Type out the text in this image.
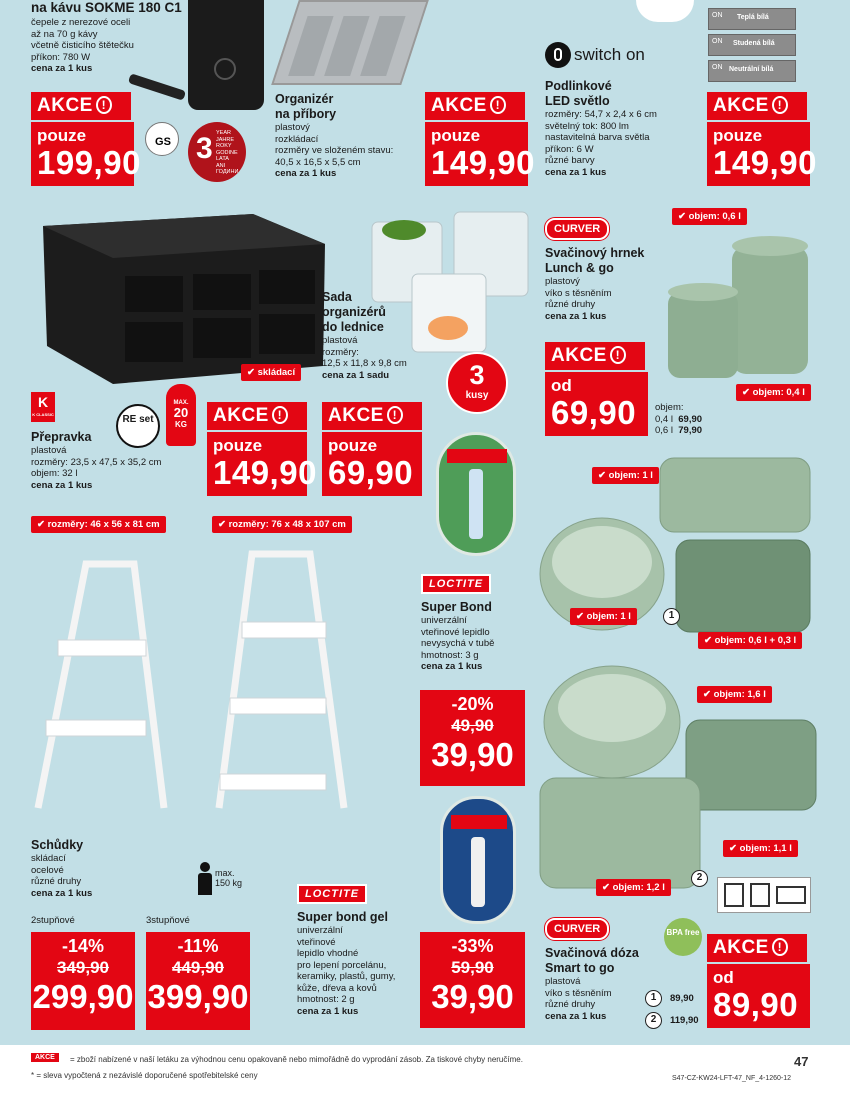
na kávu SOKME 180 C1
čepele z nerezové oceli
až na 70 g kávy
včetně čisticího štětečku
příkon: 780 W
cena za 1 kus
AKCE !
pouze
199,90
GS 3 YEAR
JAHRE
ROKY
GODINE
LATA
ANI
ГОДИНИ
Organizér
na příbory
plastový
rozkládací
rozměry ve složeném stavu:
40,5 x 16,5 x 5,5 cm
cena za 1 kus
AKCE !
pouze
149,90
Teplá bílá
ON
Studená bílá
ON
Neutrální bílá
ON
switch on
Podlinkové
LED světlo
rozměry: 54,7 x 2,4 x 6 cm
světelný tok: 800 lm
nastavitelná barva světla
příkon: 6 W
různé barvy
cena za 1 kus
AKCE !
pouze
149,90
✔ skládací
K
K CLASSIC	RE set
MAX.
20
KG
Přepravka
plastová
rozměry: 23,5 x 47,5 x 35,2 cm
objem: 32 l
cena za 1 kus
AKCE !
pouze
149,90
Sada
organizérů
do lednice
plastová
rozměry:
12,5 x 11,8 x 9,8 cm
cena za 1 sadu	3
kusy
AKCE !
pouze
69,90
CURVER
✔ objem: 0,6 l
Svačinový hrnek
Lunch & go
plastový
víko s těsněním
různé druhy
cena za 1 kus
✔ objem: 0,4 l
AKCE !
od
69,90	objem:
0,4 l 69,90
0,6 l 79,90
✔ rozměry: 46 x 56 x 81 cm
✔	rozměry: 76 x 48 x 107 cm
Schůdky
skládací
ocelové
různé druhy
cena za 1 kus
max.
150 kg
2stupňové	3stupňové
-14%
349,90
299,90
-11%
449,90
399,90
LOCTITE
Super Bond
univerzální
vteřinové lepidlo
nevysychá v tubě
hmotnost: 3 g
cena za 1 kus
-20%
49,90
39,90
LOCTITE
Super bond gel
univerzální
vteřinové
lepidlo vhodné
pro lepení porcelánu,
keramiky, plastů, gumy,
kůže, dřeva a kovů
hmotnost: 2 g
cena za 1 kus
-33%
59,90
39,90
✔ objem: 1 l
✔ objem: 1 l	1
✔ objem: 0,6 l + 0,3 l
✔ objem: 1,6 l
✔ objem: 1,1 l
✔ objem: 1,2 l
2
CURVER	BPA free
Svačinová dóza
Smart to go
plastová
víko s těsněním
různé druhy
cena za 1 kus
1	89,90
2	119,90
AKCE !
od
89,90
AKCE	= zboží nabízené v naší letáku za výhodnou cenu opakovaně nebo mimořádně do vyprodání zásob. Za tiskové chyby neručíme.
* = sleva vypočtená z nezávislé doporučené spotřebitelské ceny
47
S47-CZ-KW24-LFT-47_NF_4-1260-12
